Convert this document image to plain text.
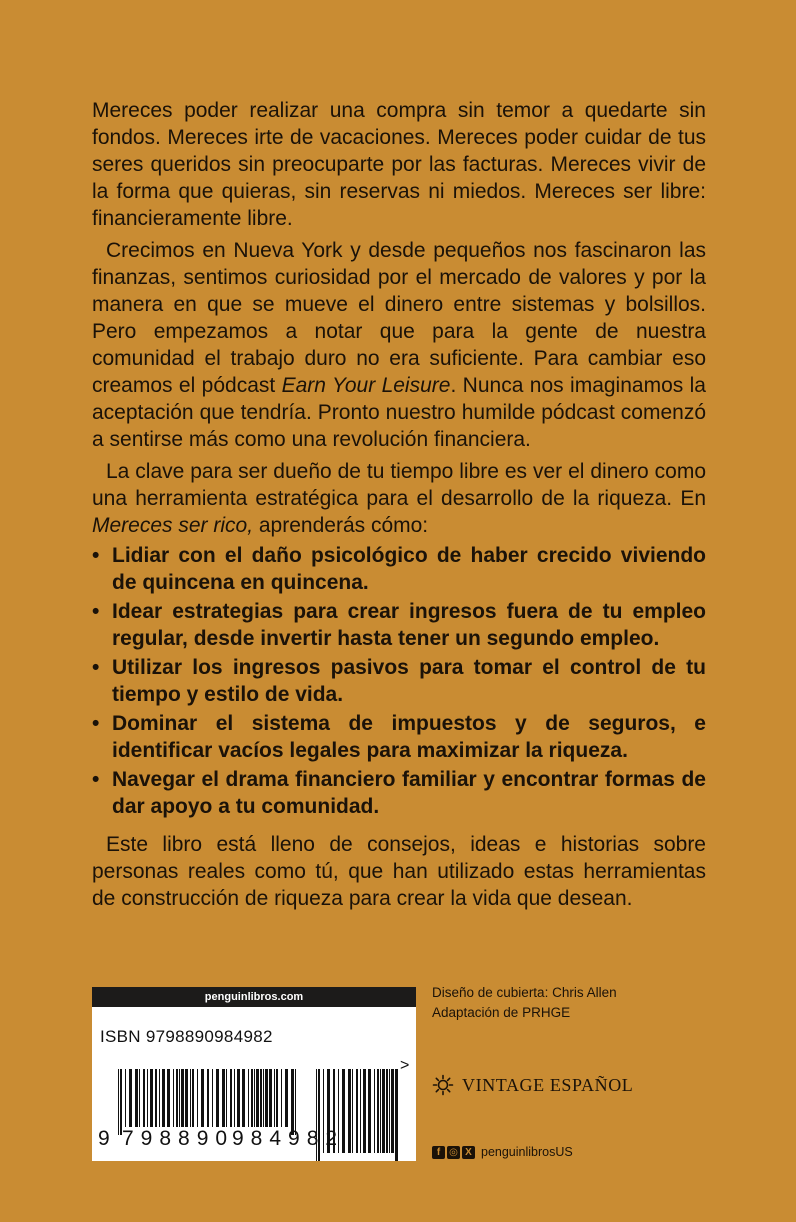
Mereces poder realizar una compra sin temor a quedarte sin fondos. Mereces irte de vacaciones. Mereces poder cuidar de tus seres queridos sin preocuparte por las facturas. Mereces vivir de la forma que quieras, sin reservas ni miedos. Mereces ser libre: financieramente libre.

Crecimos en Nueva York y desde pequeños nos fascinaron las finanzas, sentimos curiosidad por el mercado de valores y por la manera en que se mueve el dinero entre sistemas y bolsillos. Pero empezamos a notar que para la gente de nuestra comunidad el trabajo duro no era suficiente. Para cambiar eso creamos el pódcast Earn Your Leisure. Nunca nos imaginamos la aceptación que tendría. Pronto nuestro humilde pódcast comenzó a sentirse más como una revolución financiera.

La clave para ser dueño de tu tiempo libre es ver el dinero como una herramienta estratégica para el desarrollo de la riqueza. En Mereces ser rico, aprenderás cómo:

• Lidiar con el daño psicológico de haber crecido viviendo de quincena en quincena.
• Idear estrategias para crear ingresos fuera de tu empleo regular, desde invertir hasta tener un segundo empleo.
• Utilizar los ingresos pasivos para tomar el control de tu tiempo y estilo de vida.
• Dominar el sistema de impuestos y de seguros, e identificar vacíos legales para maximizar la riqueza.
• Navegar el drama financiero familiar y encontrar formas de dar apoyo a tu comunidad.

Este libro está lleno de consejos, ideas e historias sobre personas reales como tú, que han utilizado estas herramientas de construcción de riqueza para crear la vida que desean.

penguinlibros.com
ISBN 9798890984982
>
9 798890
984982
Diseño de cubierta: Chris Allen
Adaptación de PRHGE
VINTAGE ESPAÑOL
f ◎ X penguinlibrosUS
